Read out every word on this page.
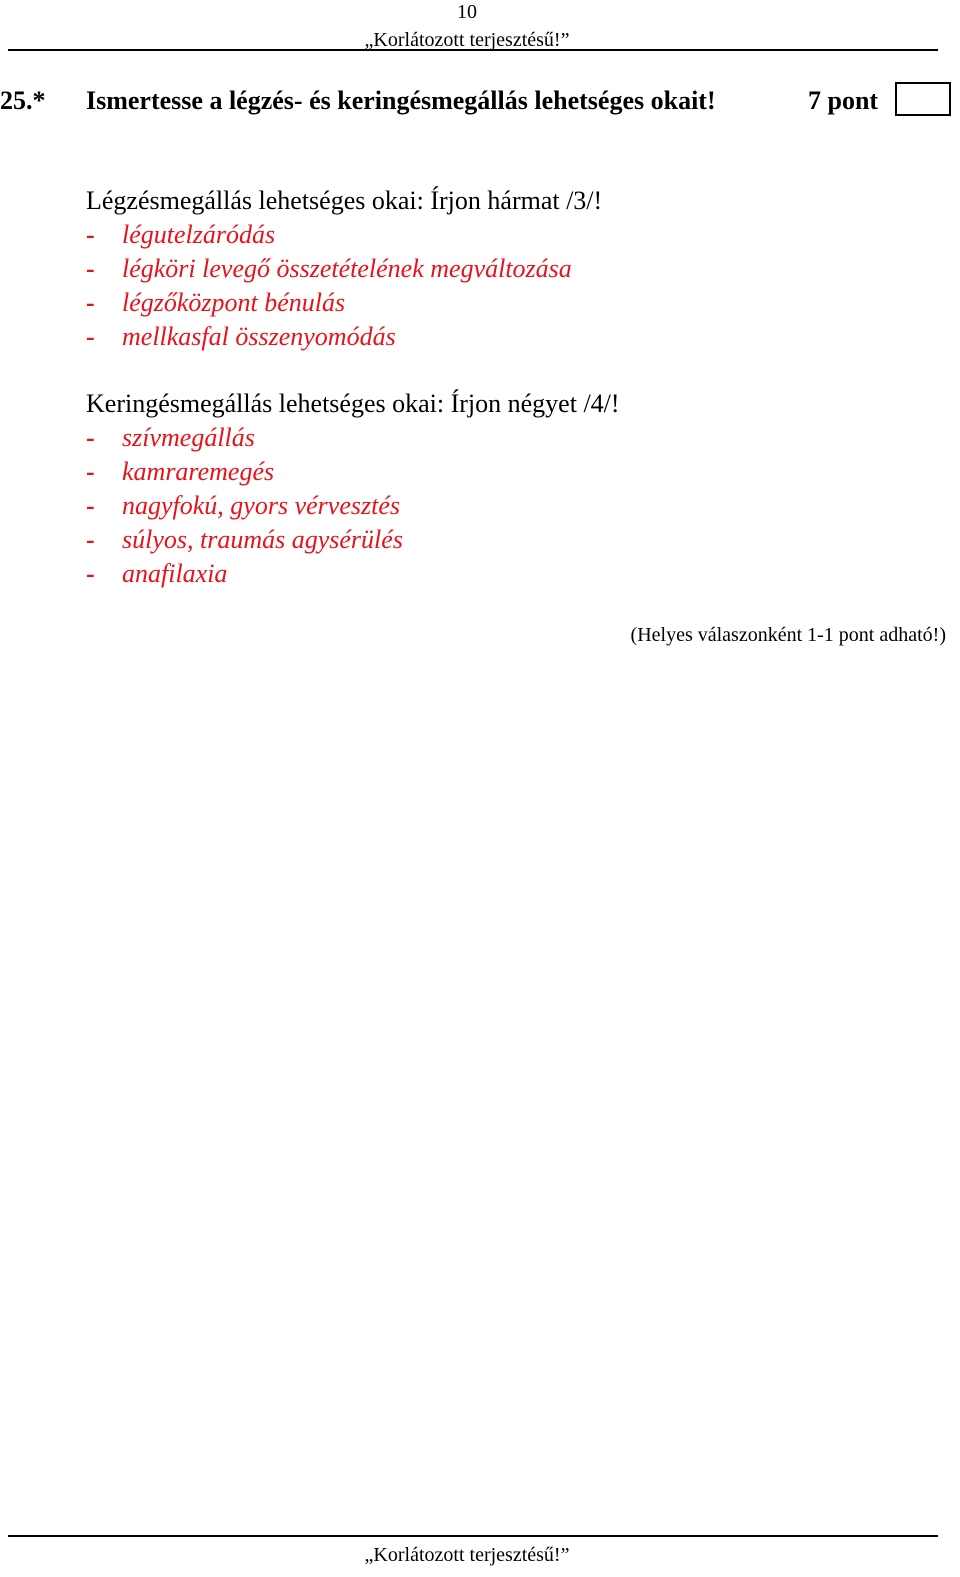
10
„Korlátozott terjesztésű!”
25.* Ismertesse a légzés- és keringésmegállás lehetséges okait!	7 pont
Légzésmegállás lehetséges okai: Írjon hármat /3/!
- légutelzáródás
- légköri levegő összetételének megváltozása
- légzőközpont bénulás
- mellkasfal összenyomódás
Keringésmegállás lehetséges okai: Írjon négyet /4/!
- szívmegállás
- kamraremegés
- nagyfokú, gyors vérvesztés
- súlyos, traumás agysérülés
- anafilaxia
(Helyes válaszonként 1-1 pont adható!)
„Korlátozott terjesztésű!”
